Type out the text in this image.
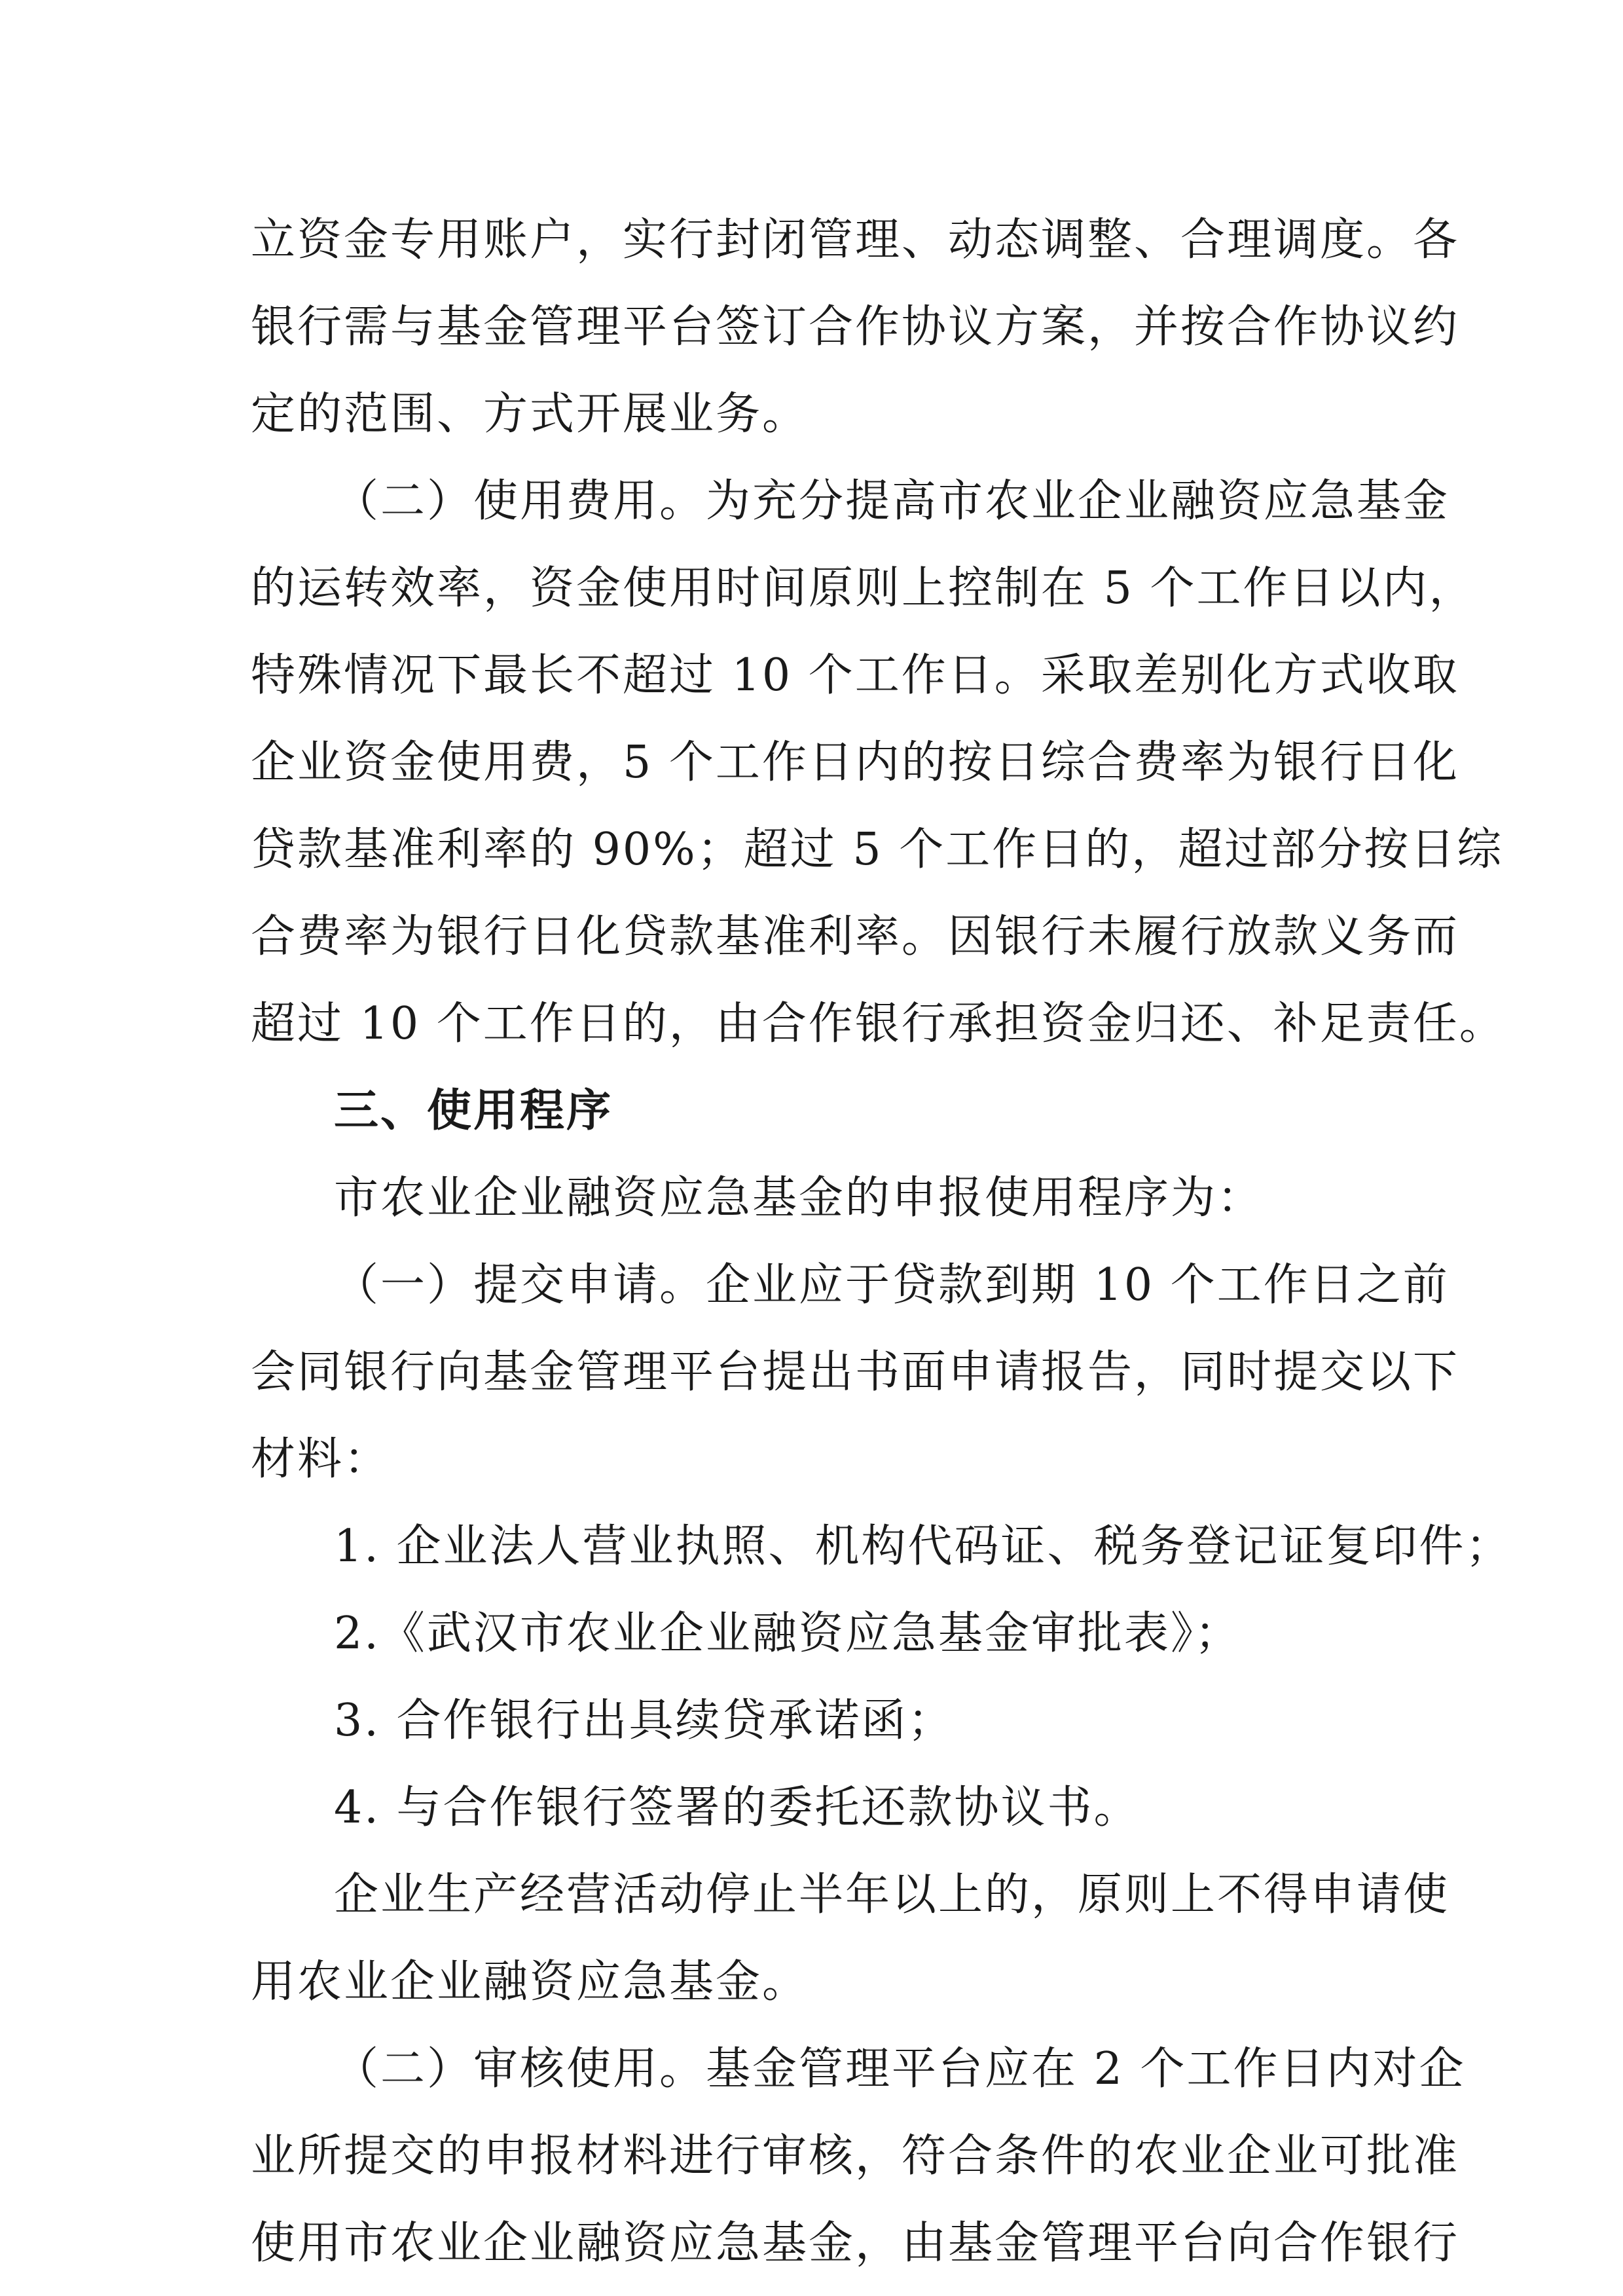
立资金专用账户，实行封闭管理、动态调整、合理调度。各
银行需与基金管理平台签订合作协议方案，并按合作协议约
定的范围、方式开展业务。
（二）使用费用。为充分提高市农业企业融资应急基金
的运转效率，资金使用时间原则上控制在 5 个工作日以内，
特殊情况下最长不超过 10 个工作日。采取差别化方式收取
企业资金使用费，5 个工作日内的按日综合费率为银行日化
贷款基准利率的 90%；超过 5 个工作日的，超过部分按日综
合费率为银行日化贷款基准利率。因银行未履行放款义务而
超过 10 个工作日的，由合作银行承担资金归还、补足责任。
三、使用程序
市农业企业融资应急基金的申报使用程序为：
（一）提交申请。企业应于贷款到期 10 个工作日之前
会同银行向基金管理平台提出书面申请报告，同时提交以下
材料：
1. 企业法人营业执照、机构代码证、税务登记证复印件；
2.《武汉市农业企业融资应急基金审批表》；
3. 合作银行出具续贷承诺函；
4. 与合作银行签署的委托还款协议书。
企业生产经营活动停止半年以上的，原则上不得申请使
用农业企业融资应急基金。
（二）审核使用。基金管理平台应在 2 个工作日内对企
业所提交的申报材料进行审核，符合条件的农业企业可批准
使用市农业企业融资应急基金，由基金管理平台向合作银行
